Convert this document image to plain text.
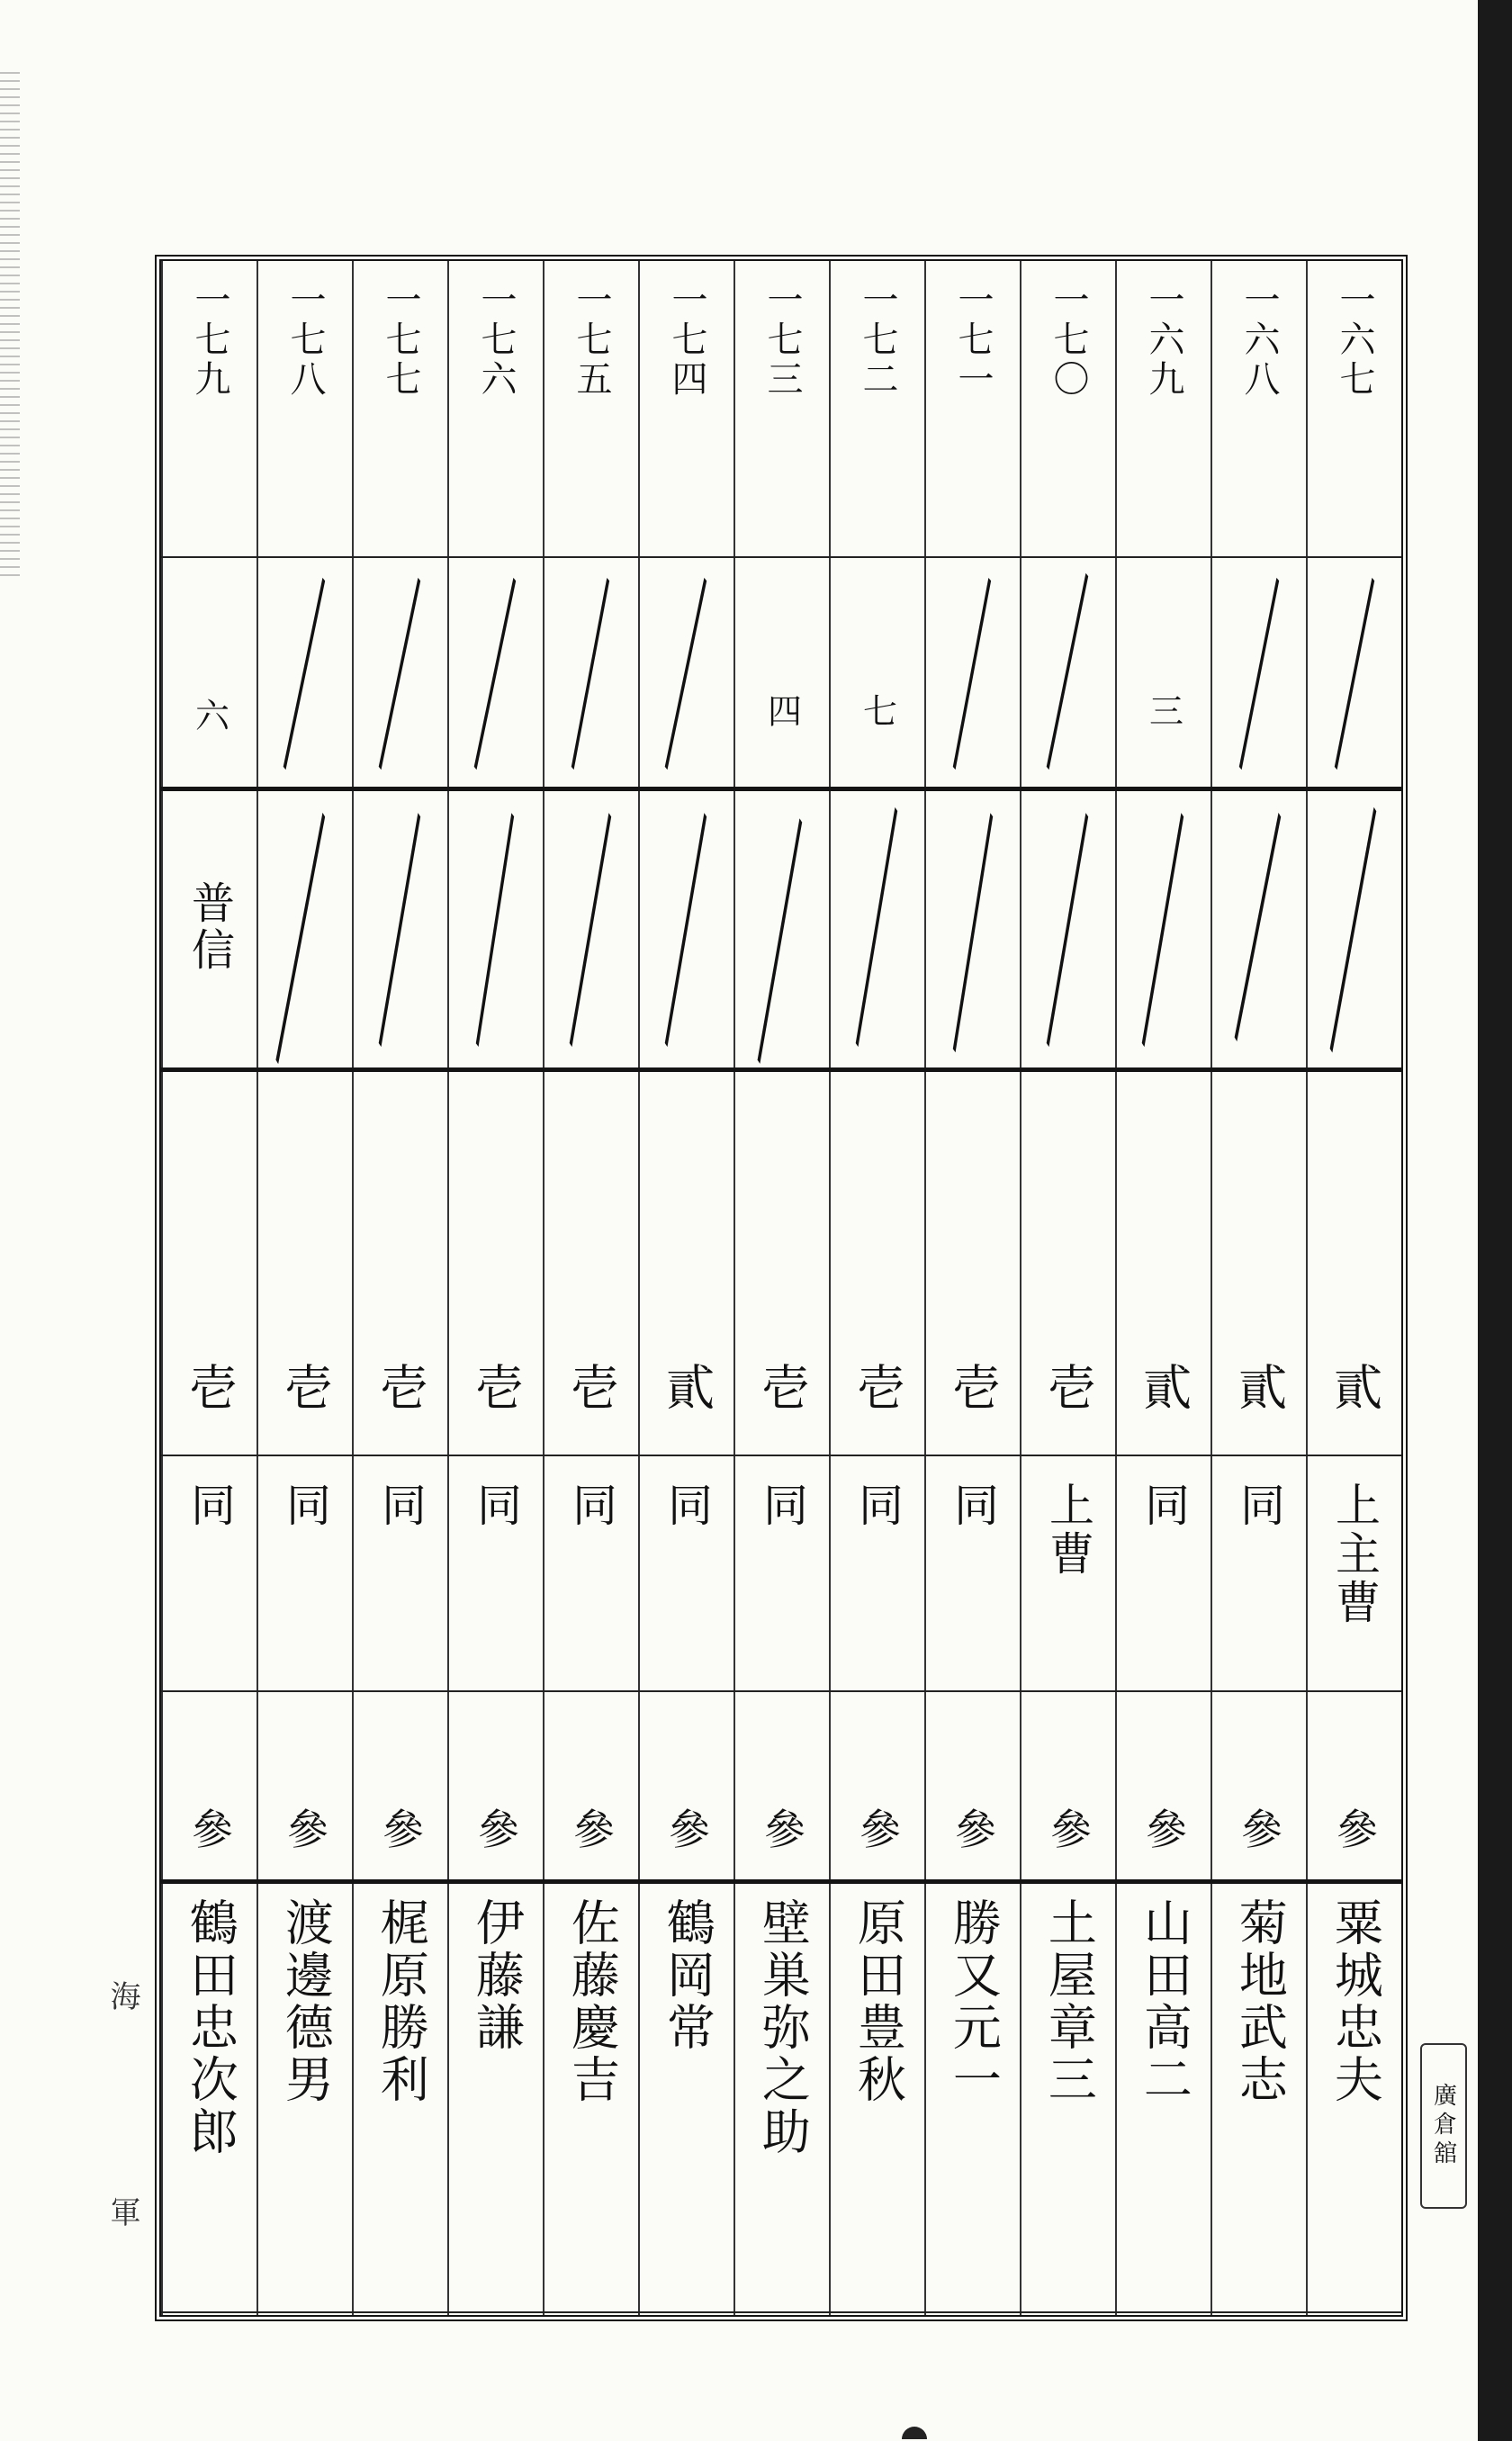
一六七
貳
上主曹
參
粟城忠夫
一六八
貳
同
參
菊地武志
一六九
三
貳
同
參
山田高二
一七〇
壱
上曹
參
土屋章三
一七一
壱
同
參
勝又元一
一七二
七
壱
同
參
原田豊秋
一七三
四
壱
同
參
壁巣弥之助
一七四
貳
同
參
鶴岡常
一七五
壱
同
參
佐藤慶吉
一七六
壱
同
參
伊藤謙
一七七
壱
同
參
梶原勝利
一七八
壱
同
參
渡邊德男
一七九
六
普信
壱
同
參
鶴田忠次郎
海
軍
廣倉舘
